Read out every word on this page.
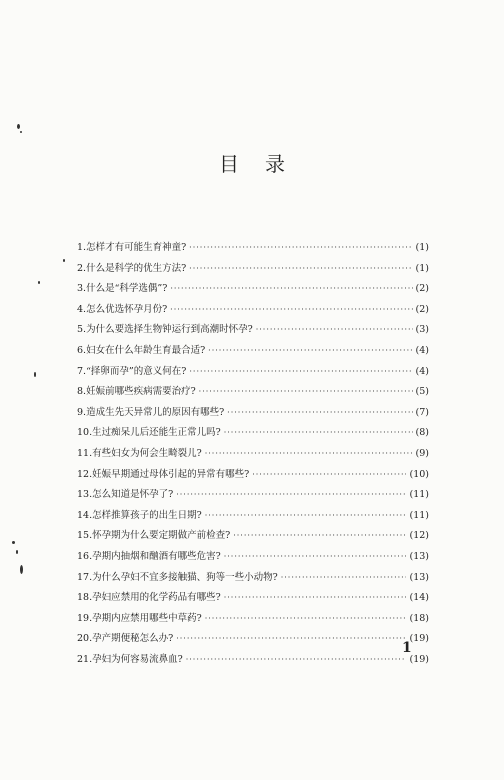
目录
1. 怎样才有可能生育神童? ·····	(1)
2. 什么是科学的优生方法? ·····	(1)
3. 什么是“科学选偶”? ·····	(2)
4. 怎么优选怀孕月份? ·····	(2)
5. 为什么要选择生物钟运行到高潮时怀孕? ·····	(3)
6. 妇女在什么年龄生育最合适? ·····	(4)
7. “择卵而孕”的意义何在? ·····	(4)
8. 妊娠前哪些疾病需要治疗? ·····	(5)
9. 造成生先天异常儿的原因有哪些? ·····	(7)
10. 生过痴呆儿后还能生正常儿吗? ·····	(8)
11. 有些妇女为何会生畸裂儿? ·····	(9)
12. 妊娠早期通过母体引起的异常有哪些? ·····	(10)
13. 怎么知道是怀孕了? ·····	(11)
14. 怎样推算孩子的出生日期? ·····	(11)
15. 怀孕期为什么要定期做产前检查? ·····	(12)
16. 孕期内抽烟和酗酒有哪些危害? ·····	(13)
17. 为什么孕妇不宜多接触猫、狗等一些小动物? ·····	(13)
18. 孕妇应禁用的化学药品有哪些? ·····	(14)
19. 孕期内应禁用哪些中草药? ·····	(18)
20. 孕产期便秘怎么办? ·····	(19)
21. 孕妇为何容易流鼻血? ·····	(19)
1
